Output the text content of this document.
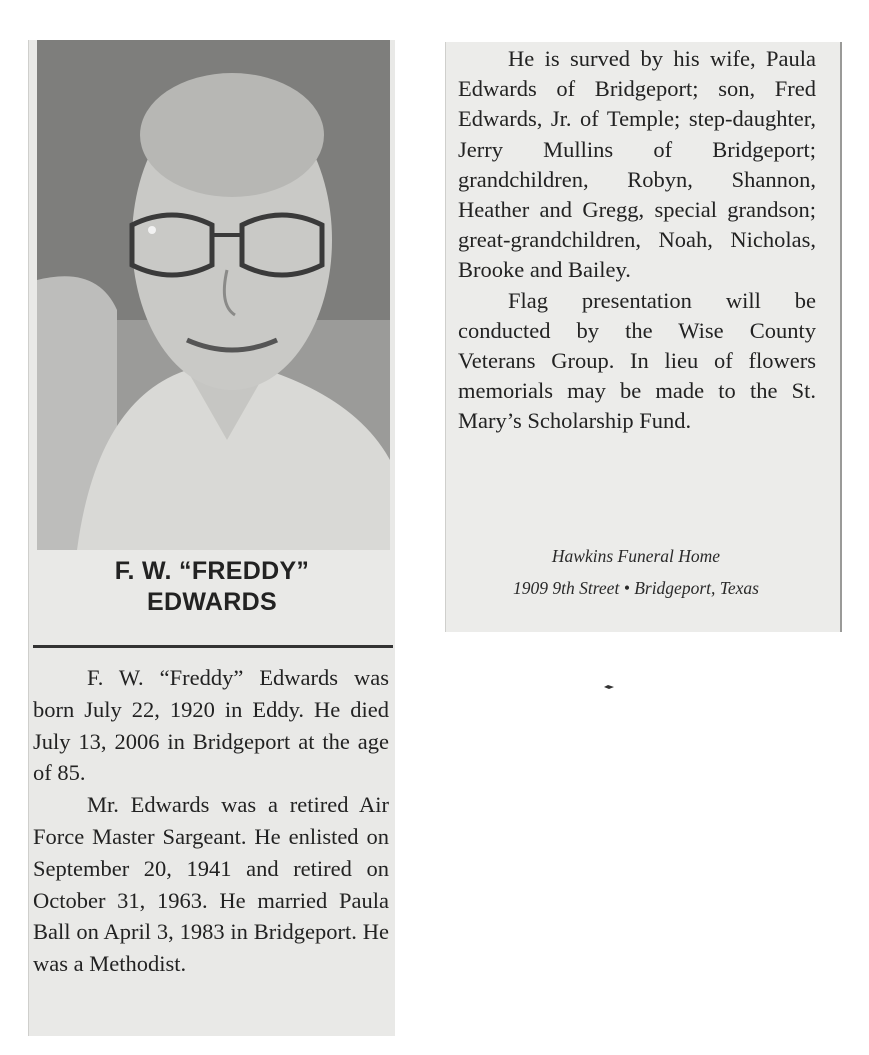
F. W. “FREDDY”
EDWARDS

F. W. “Freddy” Edwards was born July 22, 1920 in Eddy. He died July 13, 2006 in Bridgeport at the age of 85.

Mr. Edwards was a retired Air Force Master Sargeant. He enlisted on September 20, 1941 and retired on October 31, 1963. He married Paula Ball on April 3, 1983 in Bridgeport. He was a Methodist.

He is surved by his wife, Paula Edwards of Bridgeport; son, Fred Edwards, Jr. of Temple; step-daughter, Jerry Mullins of Bridgeport; grandchildren, Robyn, Shannon, Heather and Gregg, special grandson; great-grandchildren, Noah, Nicholas, Brooke and Bailey.

Flag presentation will be conducted by the Wise County Veterans Group. In lieu of flowers memorials may be made to the St. Mary’s Scholarship Fund.

Hawkins Funeral Home
1909 9th Street • Bridgeport, Texas
